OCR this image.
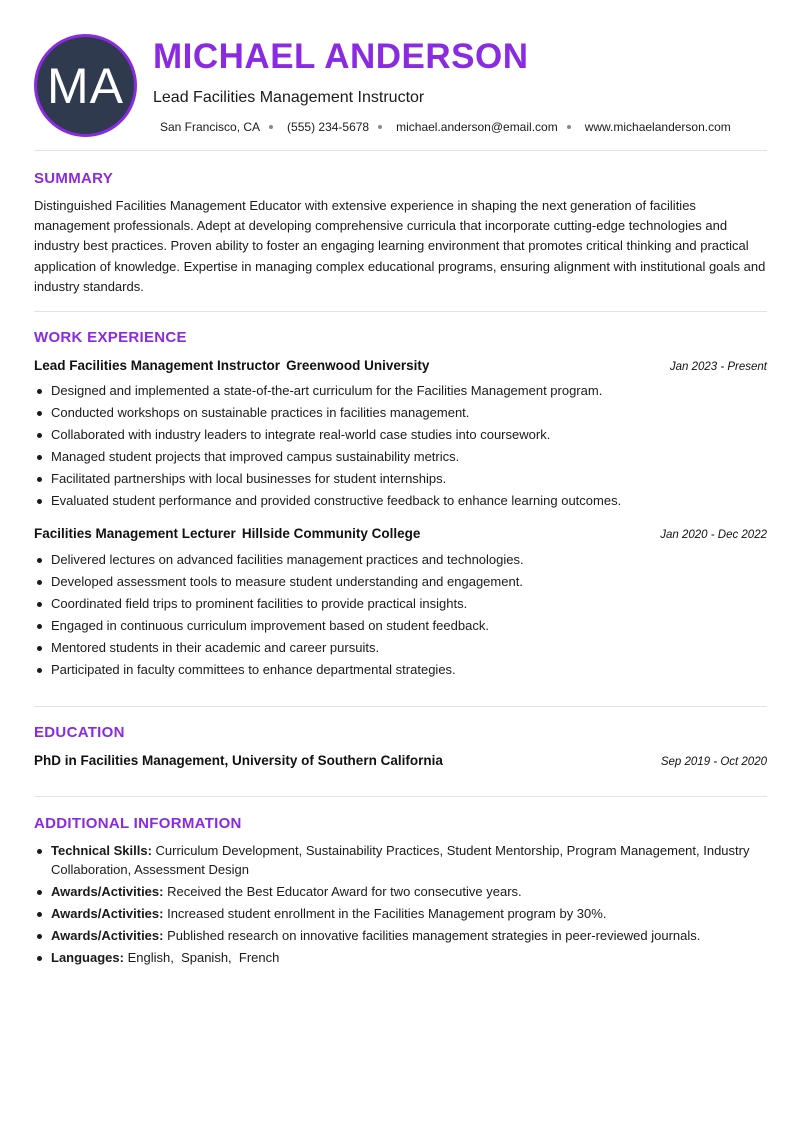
MA
MICHAEL ANDERSON
Lead Facilities Management Instructor
San Francisco, CA (555) 234-5678 michael.anderson@email.com www.michaelanderson.com
SUMMARY

Distinguished Facilities Management Educator with extensive experience in shaping the next generation of facilities management professionals. Adept at developing comprehensive curricula that incorporate cutting-edge technologies and industry best practices. Proven ability to foster an engaging learning environment that promotes critical thinking and practical application of knowledge. Expertise in managing complex educational programs, ensuring alignment with institutional goals and industry standards.

WORK EXPERIENCE
Lead Facilities Management Instructor Greenwood University	Jan 2023 - Present
Designed and implemented a state-of-the-art curriculum for the Facilities Management program.
Conducted workshops on sustainable practices in facilities management.
Collaborated with industry leaders to integrate real-world case studies into coursework.
Managed student projects that improved campus sustainability metrics.
Facilitated partnerships with local businesses for student internships.
Evaluated student performance and provided constructive feedback to enhance learning outcomes.
Facilities Management Lecturer Hillside Community College	Jan 2020 - Dec 2022
Delivered lectures on advanced facilities management practices and technologies.
Developed assessment tools to measure student understanding and engagement.
Coordinated field trips to prominent facilities to provide practical insights.
Engaged in continuous curriculum improvement based on student feedback.
Mentored students in their academic and career pursuits.
Participated in faculty committees to enhance departmental strategies.
EDUCATION
PhD in Facilities Management, University of Southern California	Sep 2019 - Oct 2020
ADDITIONAL INFORMATION
Technical Skills: Curriculum Development, Sustainability Practices, Student Mentorship, Program Management, Industry Collaboration, Assessment Design
Awards/Activities: Received the Best Educator Award for two consecutive years.
Awards/Activities: Increased student enrollment in the Facilities Management program by 30%.
Awards/Activities: Published research on innovative facilities management strategies in peer-reviewed journals.
Languages: English,  Spanish,  French
